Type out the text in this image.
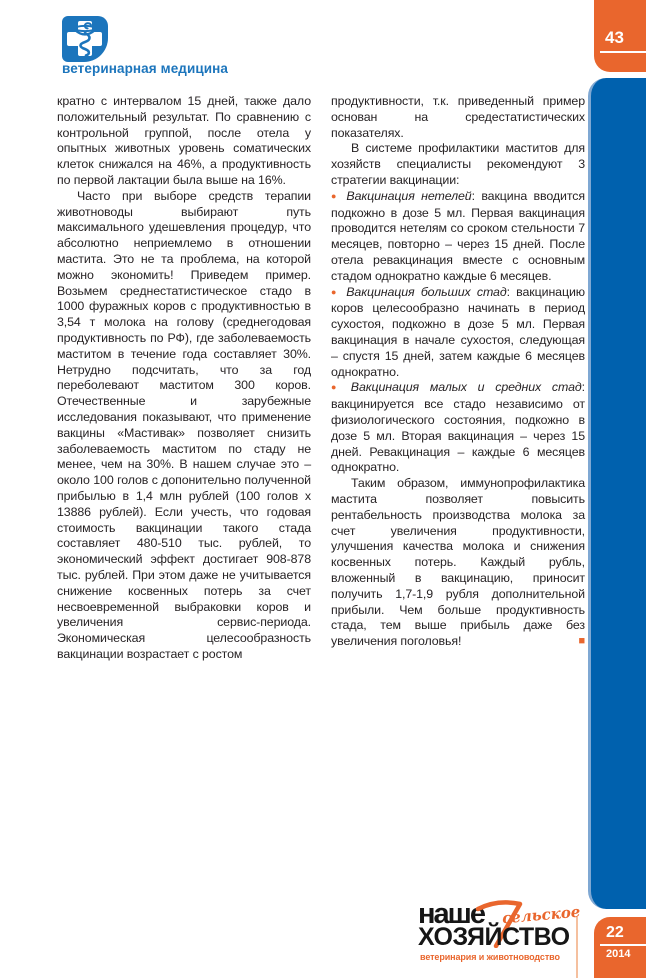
ветеринарная медицина
43
22
2014

кратно с интервалом 15 дней, также дало положительный результат. По сравнению с контрольной группой, после отела у опытных животных уровень соматических клеток снижался на 46%, а продуктивность по первой лактации была выше на 16%.

Часто при выборе средств терапии животноводы выбирают путь максимального удешевления процедур, что абсолютно неприемлемо в отношении мастита. Это не та проблема, на которой можно экономить! Приведем пример. Возьмем среднестатистическое стадо в 1000 фуражных коров с продуктивностью в 3,54 т молока на голову (среднегодовая продуктивность по РФ), где заболеваемость маститом в течение года составляет 30%. Нетрудно подсчитать, что за год переболевают маститом 300 коров. Отечественные и зарубежные исследования показывают, что применение вакцины «Мастивак» позволяет снизить заболеваемость маститом по стаду не менее, чем на 30%. В нашем случае это – около 100 голов с допонительно полученной прибылью в 1,4 млн рублей (100 голов х 13886 рублей). Если учесть, что годовая стоимость вакцинации такого стада составляет 480-510 тыс. рублей, то экономический эффект достигает 908-878 тыс. рублей. При этом даже не учитывается снижение косвенных потерь за счет несвоевременной выбраковки коров и увеличения сервис-периода. Экономическая целесообразность вакцинации возрастает с ростом

продуктивности, т.к. приведенный пример основан на средестатистических показателях.

В системе профилактики маститов для хозяйств специалисты рекомендуют 3 стратегии вакцинации:

● Вакцинация нетелей: вакцина вводится подкожно в дозе 5 мл. Первая вакцинация проводится нетелям со сроком стельности 7 месяцев, повторно – через 15 дней. После отела ревакцинация вместе с основным стадом однократно каждые 6 месяцев.

● Вакцинация больших стад: вакцинацию коров целесообразно начинать в период сухостоя, подкожно в дозе 5 мл. Первая вакцинация в начале сухостоя, следующая – спустя 15 дней, затем каждые 6 месяцев однократно.

● Вакцинация малых и средних стад: вакцинируется все стадо независимо от физиологического состояния, подкожно в дозе 5 мл. Вторая вакцинация – через 15 дней. Ревакцинация – каждые 6 месяцев однократно.

Таким образом, иммунопрофилактика мастита позволяет повысить рентабельность производства молока за счет увеличения продуктивности, улучшения качества молока и снижения косвенных потерь. Каждый рубль, вложенный в вакцинацию, приносит получить 1,7-1,9 рубля дополнительной прибыли. Чем больше продуктивность стада, тем выше прибыль даже без увеличения поголовья!	■

наше сельское
ХОЗЯЙСТВО
ветеринария и животноводство
